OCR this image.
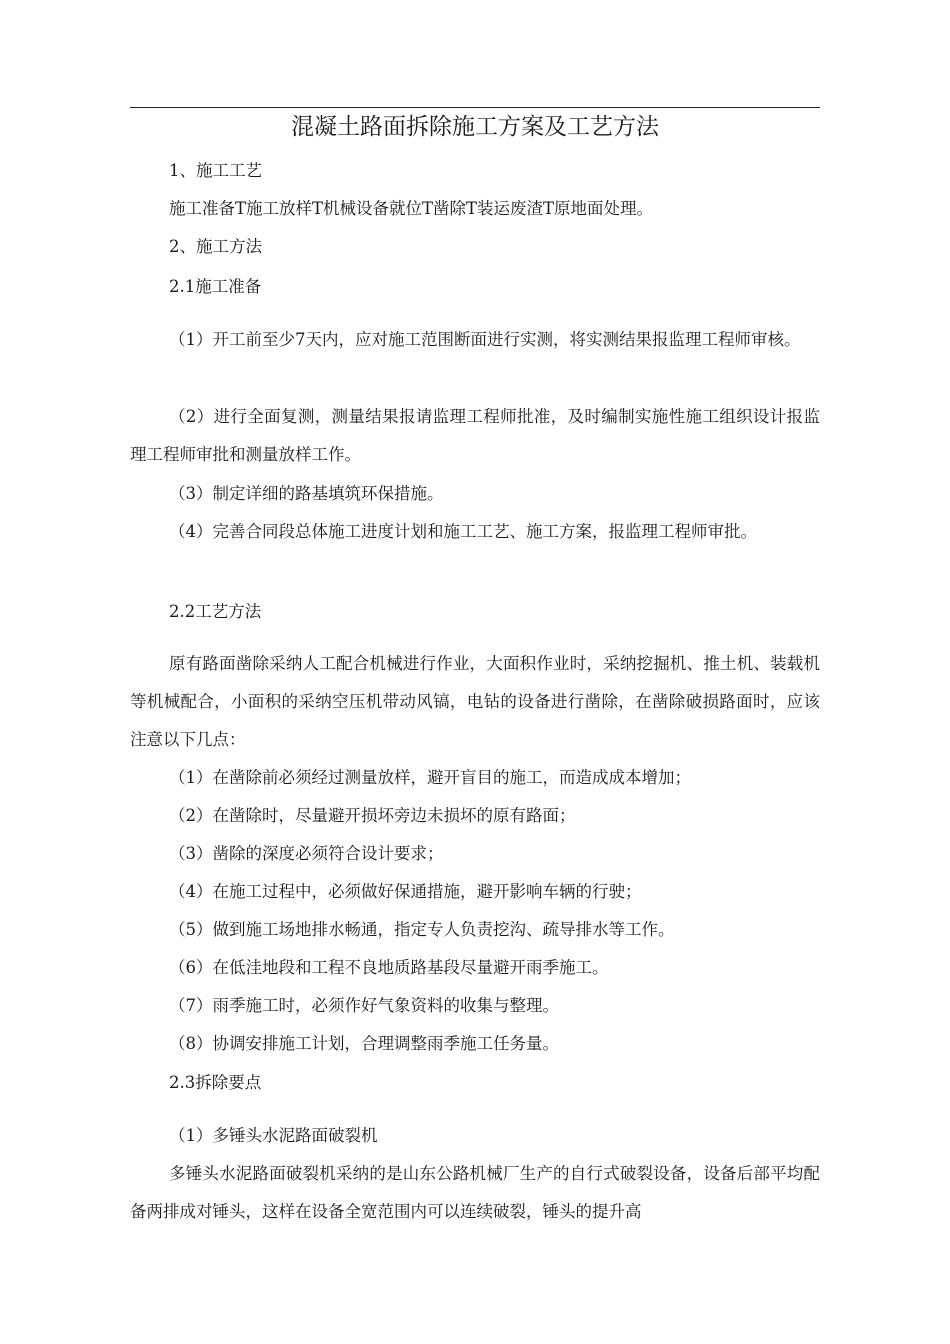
混凝土路面拆除施工方案及工艺方法
1、施工工艺
施工准备T施工放样T机械设备就位T凿除T装运废渣T原地面处理。
2、施工方法
2.1施工准备
（1）开工前至少7天内，应对施工范围断面进行实测，将实测结果报监理工程师审核。
（2）进行全面复测，测量结果报请监理工程师批准，及时编制实施性施工组织设计报监理工程师审批和测量放样工作。
（3）制定详细的路基填筑环保措施。
（4）完善合同段总体施工进度计划和施工工艺、施工方案，报监理工程师审批。
2.2工艺方法
原有路面凿除采纳人工配合机械进行作业，大面积作业时，采纳挖掘机、推土机、装载机等机械配合，小面积的采纳空压机带动风镐，电钻的设备进行凿除，在凿除破损路面时，应该注意以下几点：
（1）在凿除前必须经过测量放样，避开盲目的施工，而造成成本增加；
（2）在凿除时，尽量避开损坏旁边未损坏的原有路面；
（3）凿除的深度必须符合设计要求；
（4）在施工过程中，必须做好保通措施，避开影响车辆的行驶；
（5）做到施工场地排水畅通，指定专人负责挖沟、疏导排水等工作。
（6）在低洼地段和工程不良地质路基段尽量避开雨季施工。
（7）雨季施工时，必须作好气象资料的收集与整理。
（8）协调安排施工计划，合理调整雨季施工任务量。
2.3拆除要点
（1）多锤头水泥路面破裂机
多锤头水泥路面破裂机采纳的是山东公路机械厂生产的自行式破裂设备，设备后部平均配备两排成对锤头，这样在设备全宽范围内可以连续破裂，锤头的提升高
